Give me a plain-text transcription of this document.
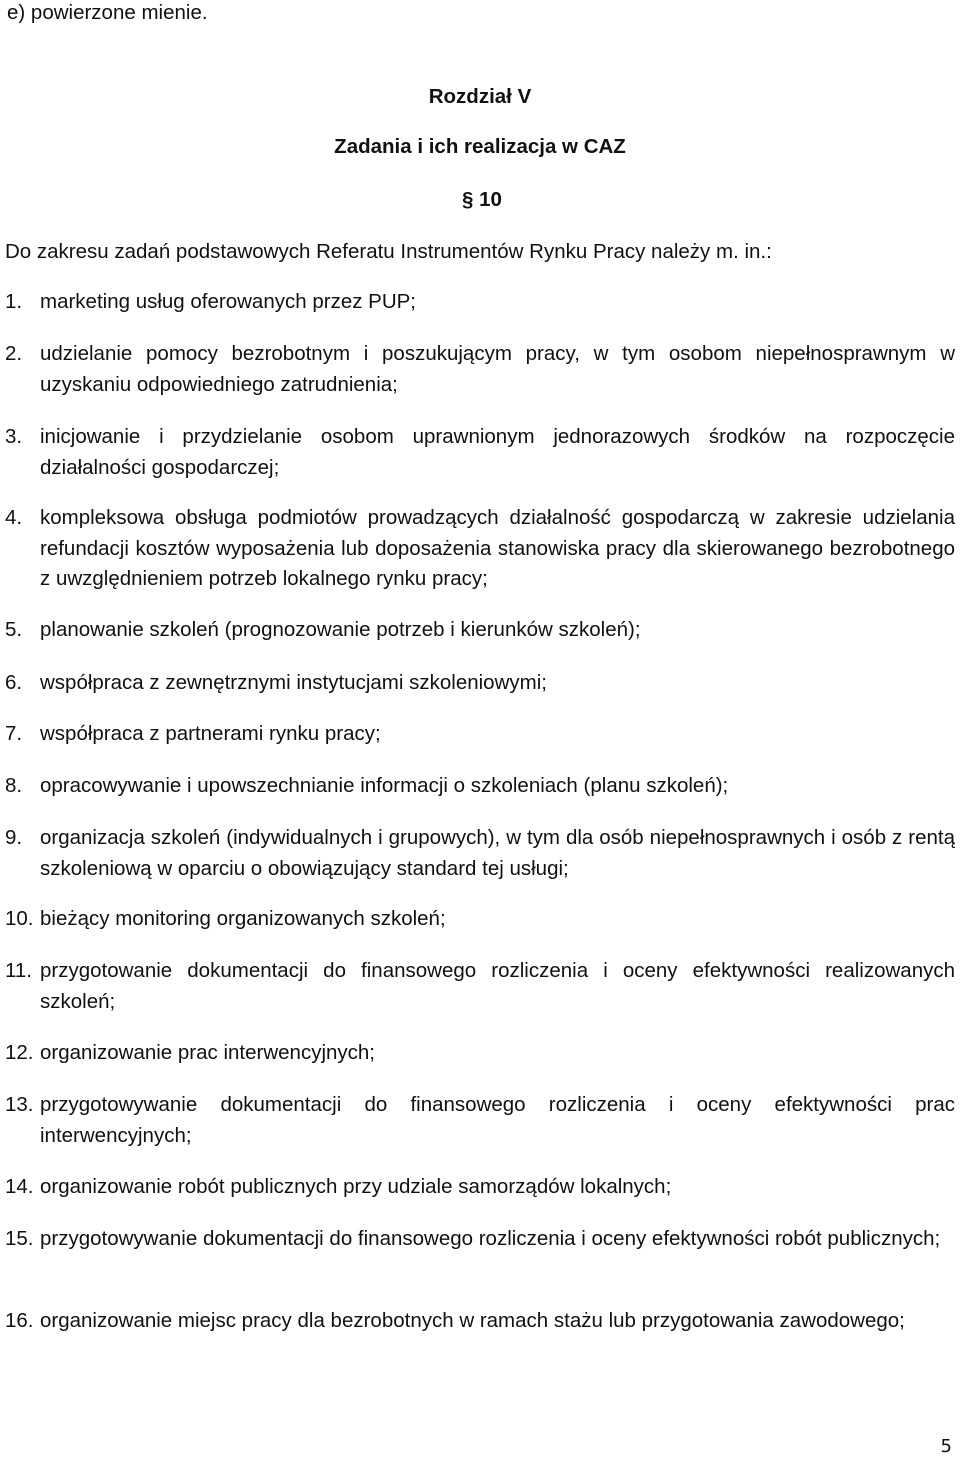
e) powierzone mienie.
Rozdział V
Zadania i ich realizacja w CAZ
§ 10
Do zakresu zadań podstawowych Referatu Instrumentów Rynku Pracy należy m. in.:
1. marketing usług oferowanych przez PUP;
2. udzielanie pomocy bezrobotnym i poszukującym pracy, w tym osobom niepełnosprawnym w uzyskaniu odpowiedniego zatrudnienia;
3. inicjowanie i przydzielanie osobom uprawnionym jednorazowych środków na rozpoczęcie działalności gospodarczej;
4. kompleksowa obsługa podmiotów prowadzących działalność gospodarczą w zakresie udzielania refundacji kosztów wyposażenia lub doposażenia stanowiska pracy dla skierowanego bezrobotnego z uwzględnieniem potrzeb lokalnego rynku pracy;
5. planowanie szkoleń (prognozowanie potrzeb i kierunków szkoleń);
6. współpraca z zewnętrznymi instytucjami szkoleniowymi;
7. współpraca z partnerami rynku pracy;
8. opracowywanie i upowszechnianie informacji o szkoleniach (planu szkoleń);
9. organizacja szkoleń (indywidualnych i grupowych), w tym dla osób niepełnosprawnych i osób z rentą szkoleniową w oparciu o obowiązujący standard tej usługi;
10. bieżący monitoring organizowanych szkoleń;
11. przygotowanie dokumentacji do finansowego rozliczenia i oceny efektywności realizowanych szkoleń;
12. organizowanie prac interwencyjnych;
13. przygotowywanie dokumentacji do finansowego rozliczenia i oceny efektywności prac interwencyjnych;
14. organizowanie robót publicznych przy udziale samorządów lokalnych;
15. przygotowywanie dokumentacji do finansowego rozliczenia i oceny efektywności robót publicznych;
16. organizowanie miejsc pracy dla bezrobotnych w ramach stażu lub przygotowania zawodowego;
5
